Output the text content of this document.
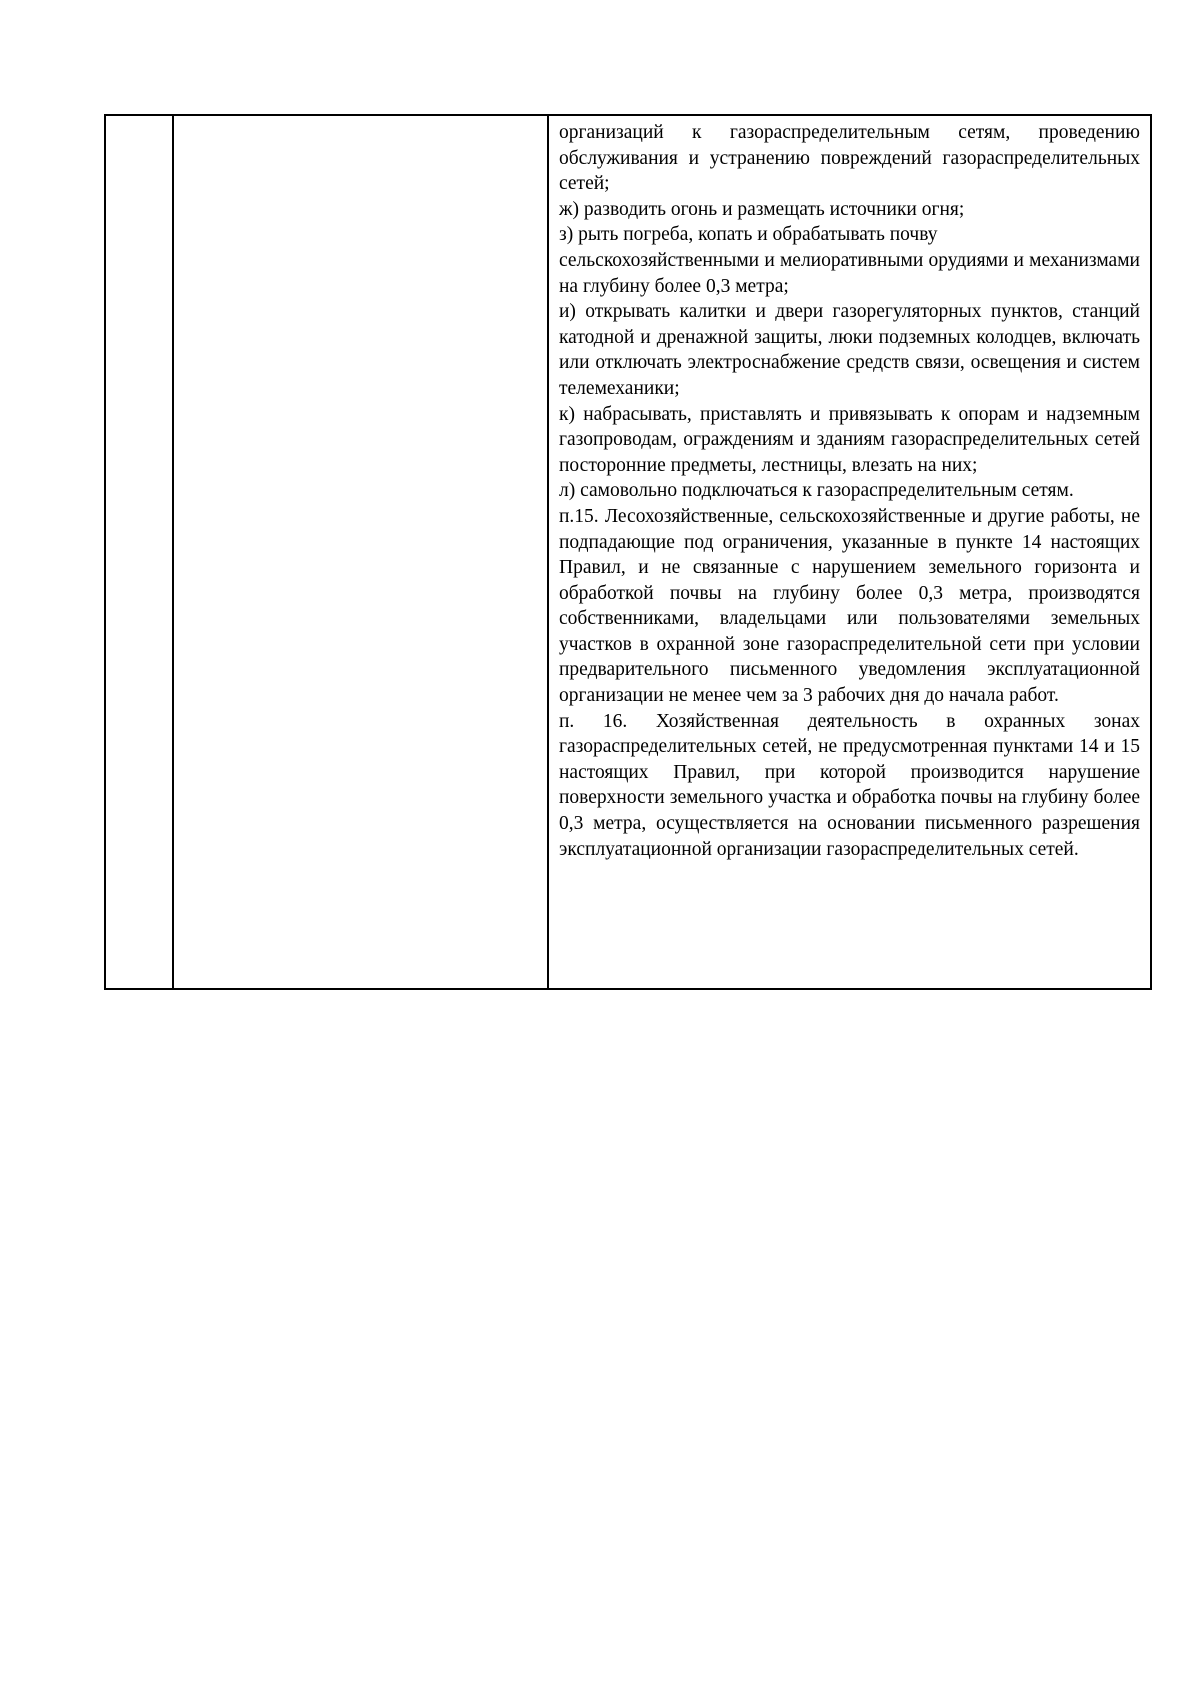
организаций к газораспределительным сетям, проведению обслуживания и устранению повреждений газораспределительных сетей;

ж) разводить огонь и размещать источники огня;

з) рыть погреба, копать и обрабатывать почву

сельскохозяйственными и мелиоративными орудиями и механизмами на глубину более 0,3 метра;

и) открывать калитки и двери газорегуляторных пунктов, станций катодной и дренажной защиты, люки подземных колодцев, включать или отключать электроснабжение средств связи, освещения и систем телемеханики;

к) набрасывать, приставлять и привязывать к опорам и надземным газопроводам, ограждениям и зданиям газораспределительных сетей посторонние предметы, лестницы, влезать на них;

л) самовольно подключаться к газораспределительным сетям.

п.15. Лесохозяйственные, сельскохозяйственные и другие работы, не подпадающие под ограничения, указанные в пункте 14 настоящих Правил, и не связанные с нарушением земельного горизонта и обработкой почвы на глубину более 0,3 метра, производятся собственниками, владельцами или пользователями земельных участков в охранной зоне газораспределительной сети при условии предварительного письменного уведомления эксплуатационной организации не менее чем за 3 рабочих дня до начала работ.

п. 16. Хозяйственная деятельность в охранных зонах газораспределительных сетей, не предусмотренная пунктами 14 и 15 настоящих Правил, при которой производится нарушение поверхности земельного участка и обработка почвы на глубину более 0,3 метра, осуществляется на основании письменного разрешения эксплуатационной организации газораспределительных сетей.
